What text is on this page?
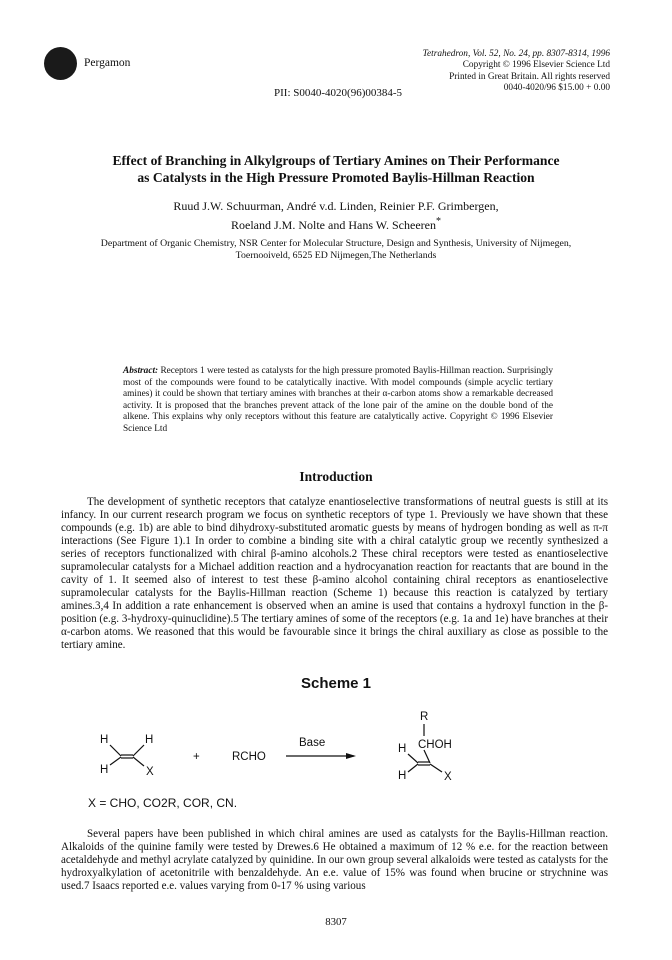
Pergamon
Tetrahedron, Vol. 52, No. 24, pp. 8307-8314, 1996
Copyright © 1996 Elsevier Science Ltd
Printed in Great Britain. All rights reserved
0040-4020/96 $15.00 + 0.00
PII: S0040-4020(96)00384-5
Effect of Branching in Alkylgroups of Tertiary Amines on Their Performance
as Catalysts in the High Pressure Promoted Baylis-Hillman Reaction
Ruud J.W. Schuurman, André v.d. Linden, Reinier P.F. Grimbergen,
Roeland J.M. Nolte and Hans W. Scheeren*
Department of Organic Chemistry, NSR Center for Molecular Structure, Design and Synthesis, University of Nijmegen,
Toernooiveld, 6525 ED Nijmegen,The Netherlands
Abstract: Receptors 1 were tested as catalysts for the high pressure promoted Baylis-Hillman reaction. Surprisingly most of the compounds were found to be catalytically inactive. With model compounds (simple acyclic tertiary amines) it could be shown that tertiary amines with branches at their α-carbon atoms show a remarkable decreased activity. It is proposed that the branches prevent attack of the lone pair of the amine on the double bond of the alkene. This explains why only receptors without this feature are catalytically active. Copyright © 1996 Elsevier Science Ltd
Introduction
The development of synthetic receptors that catalyze enantioselective transformations of neutral guests is still at its infancy. In our current research program we focus on synthetic receptors of type 1. Previously we have shown that these compounds (e.g. 1b) are able to bind dihydroxy-substituted aromatic guests by means of hydrogen bonding as well as π-π interactions (See Figure 1).1 In order to combine a binding site with a chiral catalytic group we recently synthesized a series of receptors functionalized with chiral β-amino alcohols.2 These chiral receptors were tested as enantioselective supramolecular catalysts for a Michael addition reaction and a hydrocyanation reaction for reactants that are bound in the cavity of 1. It seemed also of interest to test these β-amino alcohol containing chiral receptors as enantioselective supramolecular catalysts for the Baylis-Hillman reaction (Scheme 1) because this reaction is catalyzed by tertiary amines.3,4 In addition a rate enhancement is observed when an amine is used that contains a hydroxyl function in the β-position (e.g. 3-hydroxy-quinuclidine).5 The tertiary amines of some of the receptors (e.g. 1a and 1e) have branches at their α-carbon atoms. We reasoned that this would be favourable since it brings the chiral auxiliary as close as possible to the tertiary amine.
Scheme 1
H	H
H	X
+	RCHO
Base
R
CHOH
H
H	X
X = CHO, CO2R, COR, CN.
Several papers have been published in which chiral amines are used as catalysts for the Baylis-Hillman reaction. Alkaloids of the quinine family were tested by Drewes.6 He obtained a maximum of 12 % e.e. for the reaction between acetaldehyde and methyl acrylate catalyzed by quinidine. In our own group several alkaloids were tested as catalysts for the hydroxyalkylation of acetonitrile with benzaldehyde. An e.e. value of 15% was found when brucine or strychnine was used.7 Isaacs reported e.e. values varying from 0-17 % using various
8307
